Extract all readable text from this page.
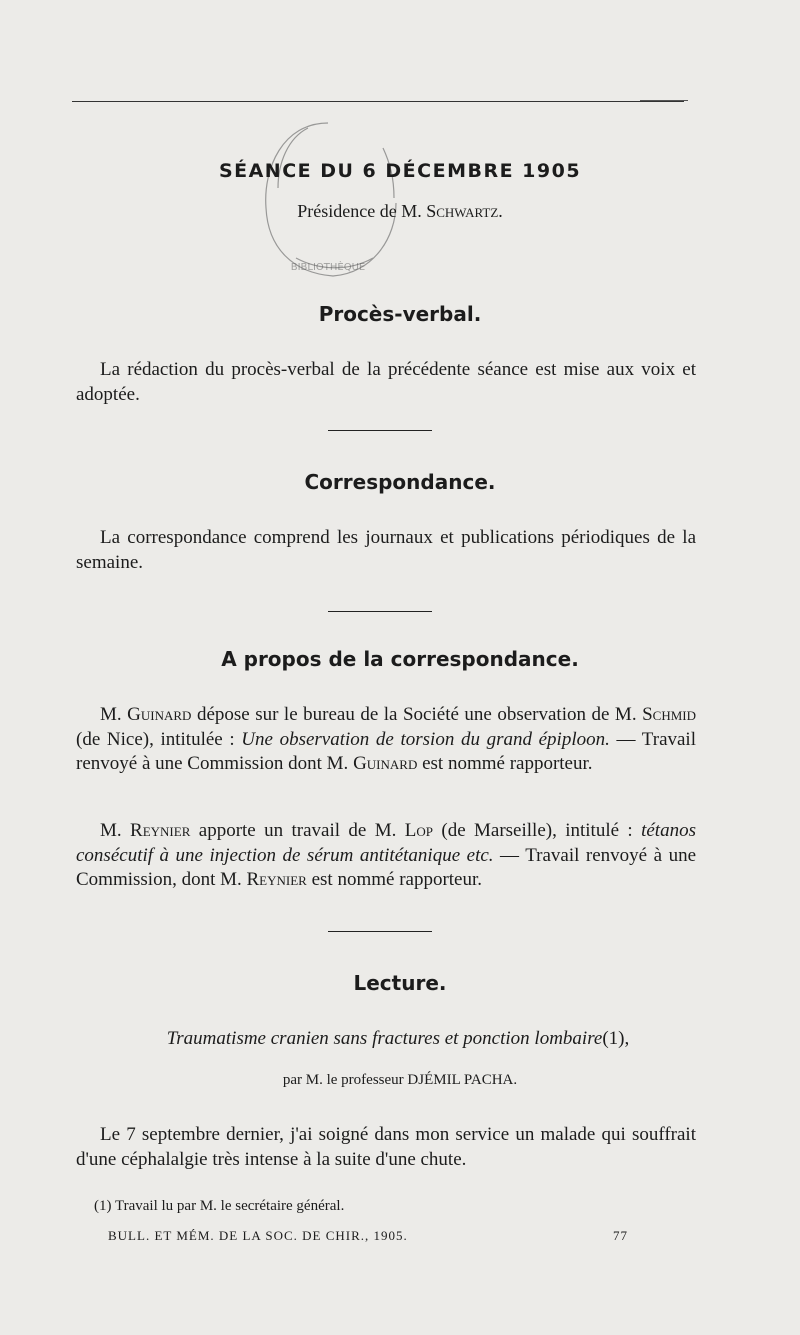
BIBLIOTHÈQUE
SÉANCE DU 6 DÉCEMBRE 1905
Présidence de M. Schwartz.
Procès-verbal.
La rédaction du procès-verbal de la précédente séance est mise aux voix et adoptée.
Correspondance.
La correspondance comprend les journaux et publications périodiques de la semaine.
A propos de la correspondance.
M. Guinard dépose sur le bureau de la Société une observation de M. Schmid (de Nice), intitulée : Une observation de torsion du grand épiploon. — Travail renvoyé à une Commission dont M. Guinard est nommé rapporteur.
M. Reynier apporte un travail de M. Lop (de Marseille), intitulé : tétanos consécutif à une injection de sérum antitétanique etc. — Travail renvoyé à une Commission, dont M. Reynier est nommé rapporteur.
Lecture.
Traumatisme cranien sans fractures et ponction lombaire(1),
par M. le professeur DJÉMIL PACHA.
Le 7 septembre dernier, j'ai soigné dans mon service un malade qui souffrait d'une céphalalgie très intense à la suite d'une chute.
(1) Travail lu par M. le secrétaire général.
BULL. ET MÉM. DE LA SOC. DE CHIR., 1905.	77
